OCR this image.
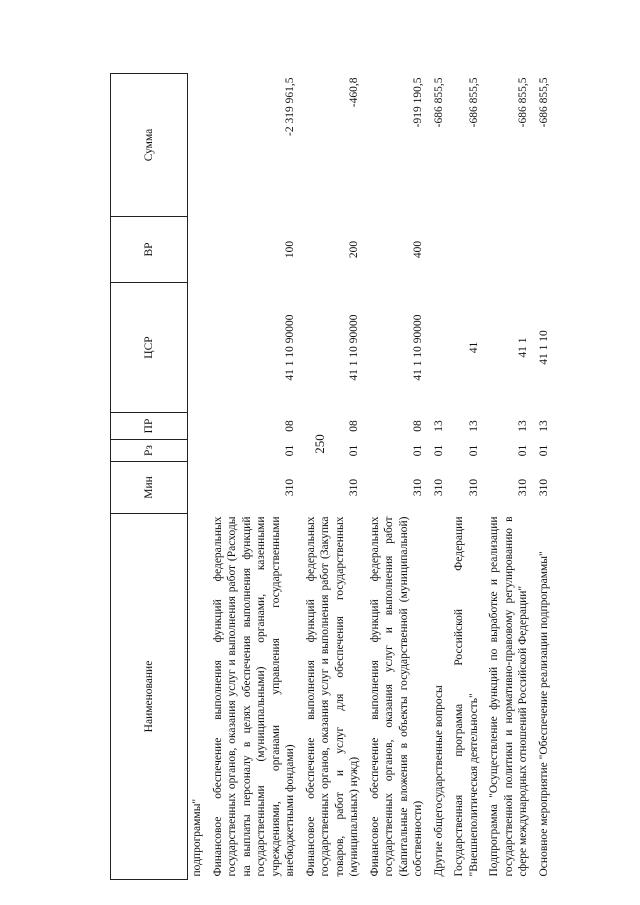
250
Наименование	Мин	Рз	ПР	ЦСР	ВР	Сумма
подпрограммы"						
Финансовое обеспечение выполнения функций федеральных государственных органов, оказания услуг и выполнения работ (Расходы на выплаты персоналу в целях обеспечения выполнения функций государственными (муниципальными) органами, казенными учреждениями, органами управления государственными внебюджетными фондами)	310	01	08	41 1 10 90000	100	-2 319 961,5
Финансовое обеспечение выполнения функций федеральных государственных органов, оказания услуг и выполнения работ (Закупка товаров, работ и услуг для обеспечения государственных (муниципальных) нужд)	310	01	08	41 1 10 90000	200	-460,8
Финансовое обеспечение выполнения функций федеральных государственных органов, оказания услуг и выполнения работ (Капитальные вложения в объекты государственной (муниципальной) собственности)	310	01	08	41 1 10 90000	400	-919 190,5
Другие общегосударственные вопросы	310	01	13			-686 855,5
Государственная программа Российской Федерации "Внешнеполитическая деятельность"	310	01	13	41		-686 855,5
Подпрограмма "Осуществление функций по выработке и реализации государственной политики и нормативно-правовому регулированию в сфере международных отношений Российской Федерации"	310	01	13	41 1		-686 855,5
Основное мероприятие "Обеспечение реализации подпрограммы"	310	01	13	41 1 10		-686 855,5
